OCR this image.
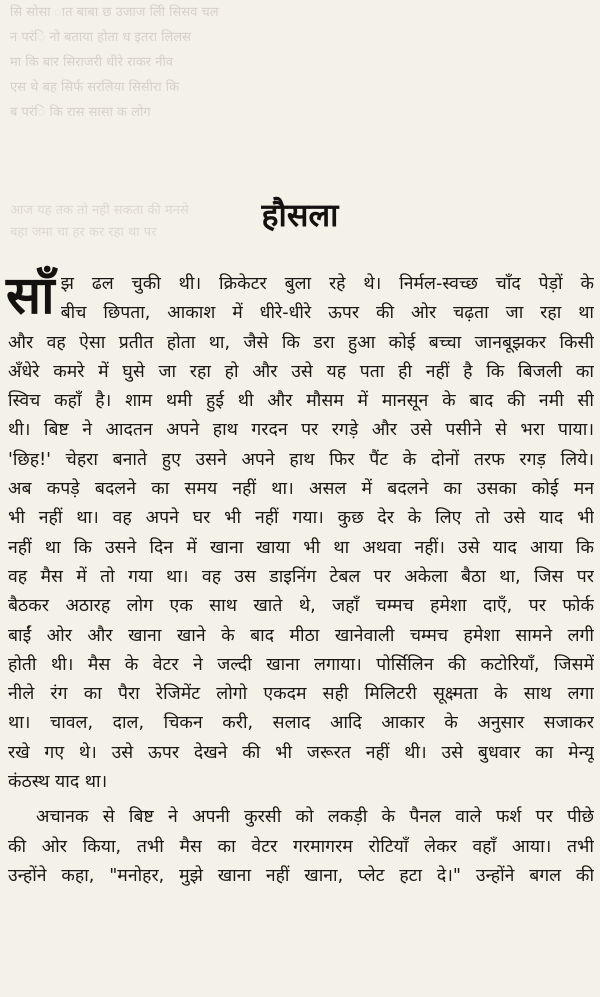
सि सोसा ात बाबा छ उजाज लीि सिसव चल
न परंि नो बताया होता ध इतरा लिलस
मा कि बार सिराजरी धीरे राकर नीव
एस थे बह सिर्फ सरलिया सिसीरा कि
ब परंि कि रास सासा क लोग
आज यह तक तो नही सकता की मनसे
बहा जमा चा हर कर रहा था पर	हौसला
साँ झ ढल चुकी थी। क्रिकेटर बुला रहे थे। निर्मल-स्वच्छ चाँद पेड़ों के
बीच छिपता, आकाश में धीरे-धीरे ऊपर की ओर चढ़ता जा रहा था
और वह ऐसा प्रतीत होता था, जैसे कि डरा हुआ कोई बच्चा जानबूझकर किसी
अँधेरे कमरे में घुसे जा रहा हो और उसे यह पता ही नहीं है कि बिजली का
स्विच कहाँ है। शाम थमी हुई थी और मौसम में मानसून के बाद की नमी सी
थी। बिष्ट ने आदतन अपने हाथ गरदन पर रगड़े और उसे पसीने से भरा पाया।
'छिह!' चेहरा बनाते हुए उसने अपने हाथ फिर पैंट के दोनों तरफ रगड़ लिये।
अब कपड़े बदलने का समय नहीं था। असल में बदलने का उसका कोई मन
भी नहीं था। वह अपने घर भी नहीं गया। कुछ देर के लिए तो उसे याद भी
नहीं था कि उसने दिन में खाना खाया भी था अथवा नहीं। उसे याद आया कि
वह मैस में तो गया था। वह उस डाइनिंग टेबल पर अकेला बैठा था, जिस पर
बैठकर अठारह लोग एक साथ खाते थे, जहाँ चम्मच हमेशा दाएँ, पर फोर्क
बाईं ओर और खाना खाने के बाद मीठा खानेवाली चम्मच हमेशा सामने लगी
होती थी। मैस के वेटर ने जल्दी खाना लगाया। पोर्सिलिन की कटोरियाँ, जिसमें
नीले रंग का पैरा रेजिमेंट लोगो एकदम सही मिलिटरी सूक्ष्मता के साथ लगा
था। चावल, दाल, चिकन करी, सलाद आदि आकार के अनुसार सजाकर
रखे गए थे। उसे ऊपर देखने की भी जरूरत नहीं थी। उसे बुधवार का मेन्यू
कंठस्थ याद था।
अचानक से बिष्ट ने अपनी कुरसी को लकड़ी के पैनल वाले फर्श पर पीछे
की ओर किया, तभी मैस का वेटर गरमागरम रोटियाँ लेकर वहाँ आया। तभी
उन्होंने कहा, "मनोहर, मुझे खाना नहीं खाना, प्लेट हटा दे।" उन्होंने बगल की
